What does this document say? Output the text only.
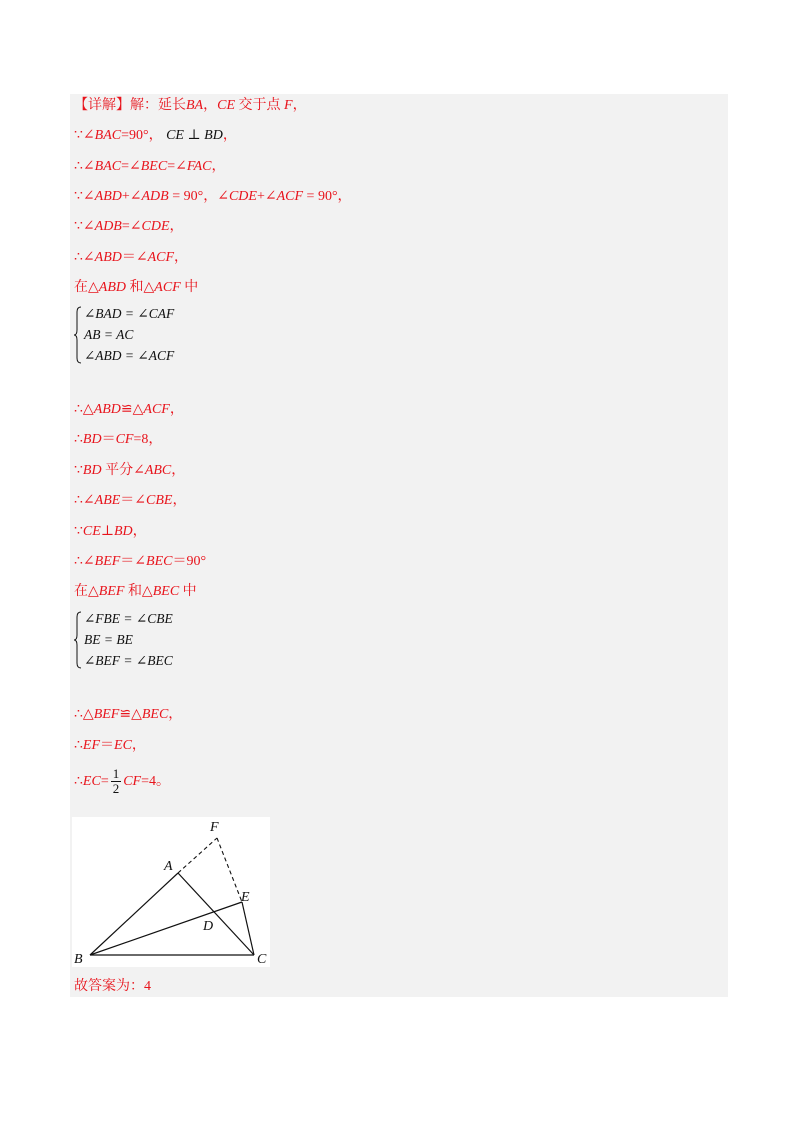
【详解】解：延长BA，CE 交于点 F，
∵∠BAC=90°， CE ⊥ BD，
∴∠BAC=∠BEC=∠FAC，
∵∠ABD+∠ADB = 90°，∠CDE+∠ACF = 90°，
∵∠ADB=∠CDE，
∴∠ABD＝∠ACF，
在△ABD 和△ACF 中
∠BAD = ∠CAF
AB = AC
∠ABD = ∠ACF
∴△ABD≌△ACF，
∴BD＝CF=8，
∵BD 平分∠ABC，
∴∠ABE＝∠CBE，
∵CE⊥BD，
∴∠BEF＝∠BEC＝90°
在△BEF 和△BEC 中
∠FBE = ∠CBE
BE = BE
∠BEF = ∠BEC
∴△BEF≌△BEC，
∴EF＝EC，
∴EC= $\frac{1}{2} CF=4$。
F
A
E
D
B	C
故答案为：4
